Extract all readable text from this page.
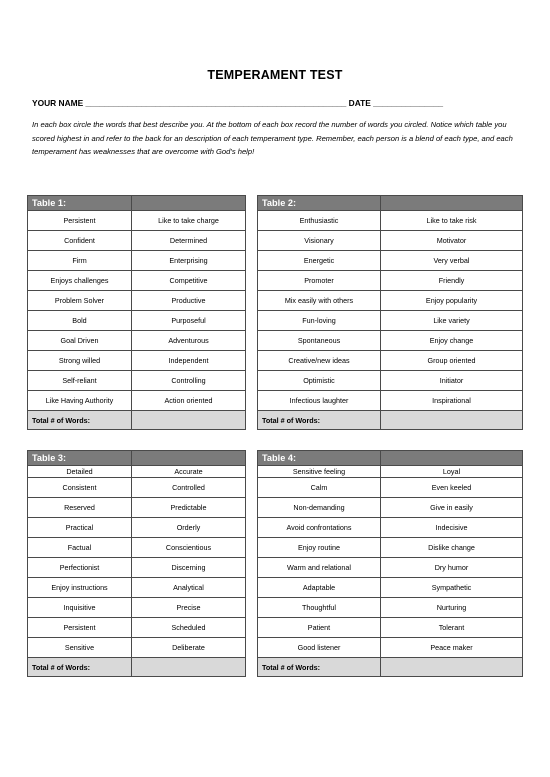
TEMPERAMENT TEST
YOUR NAME ________________________________________________________ DATE _______________
In each box circle the words that best describe you. At the bottom of each box record the number of words you circled. Notice which table you scored highest in and refer to the back for an description of each temperament type. Remember, each person is a blend of each type, and each temperament has weaknesses that are overcome with God's help!
Table 1:	
Persistent	Like to take charge
Confident	Determined
Firm	Enterprising
Enjoys challenges	Competitive
Problem Solver	Productive
Bold	Purposeful
Goal Driven	Adventurous
Strong willed	Independent
Self-reliant	Controlling
Like Having Authority	Action oriented
Total # of Words:	
Table 2:	
Enthusiastic	Like to take risk
Visionary	Motivator
Energetic	Very verbal
Promoter	Friendly
Mix easily with others	Enjoy popularity
Fun-loving	Like variety
Spontaneous	Enjoy change
Creative/new ideas	Group oriented
Optimistic	Initiator
Infectious laughter	Inspirational
Total # of Words:	
Table 3:	
Detailed	Accurate
Consistent	Controlled
Reserved	Predictable
Practical	Orderly
Factual	Conscientious
Perfectionist	Discerning
Enjoy instructions	Analytical
Inquisitive	Precise
Persistent	Scheduled
Sensitive	Deliberate
Total # of Words:	
Table 4:	
Sensitive feeling	Loyal
Calm	Even keeled
Non-demanding	Give in easily
Avoid confrontations	Indecisive
Enjoy routine	Dislike change
Warm and relational	Dry humor
Adaptable	Sympathetic
Thoughtful	Nurturing
Patient	Tolerant
Good listener	Peace maker
Total # of Words:	
